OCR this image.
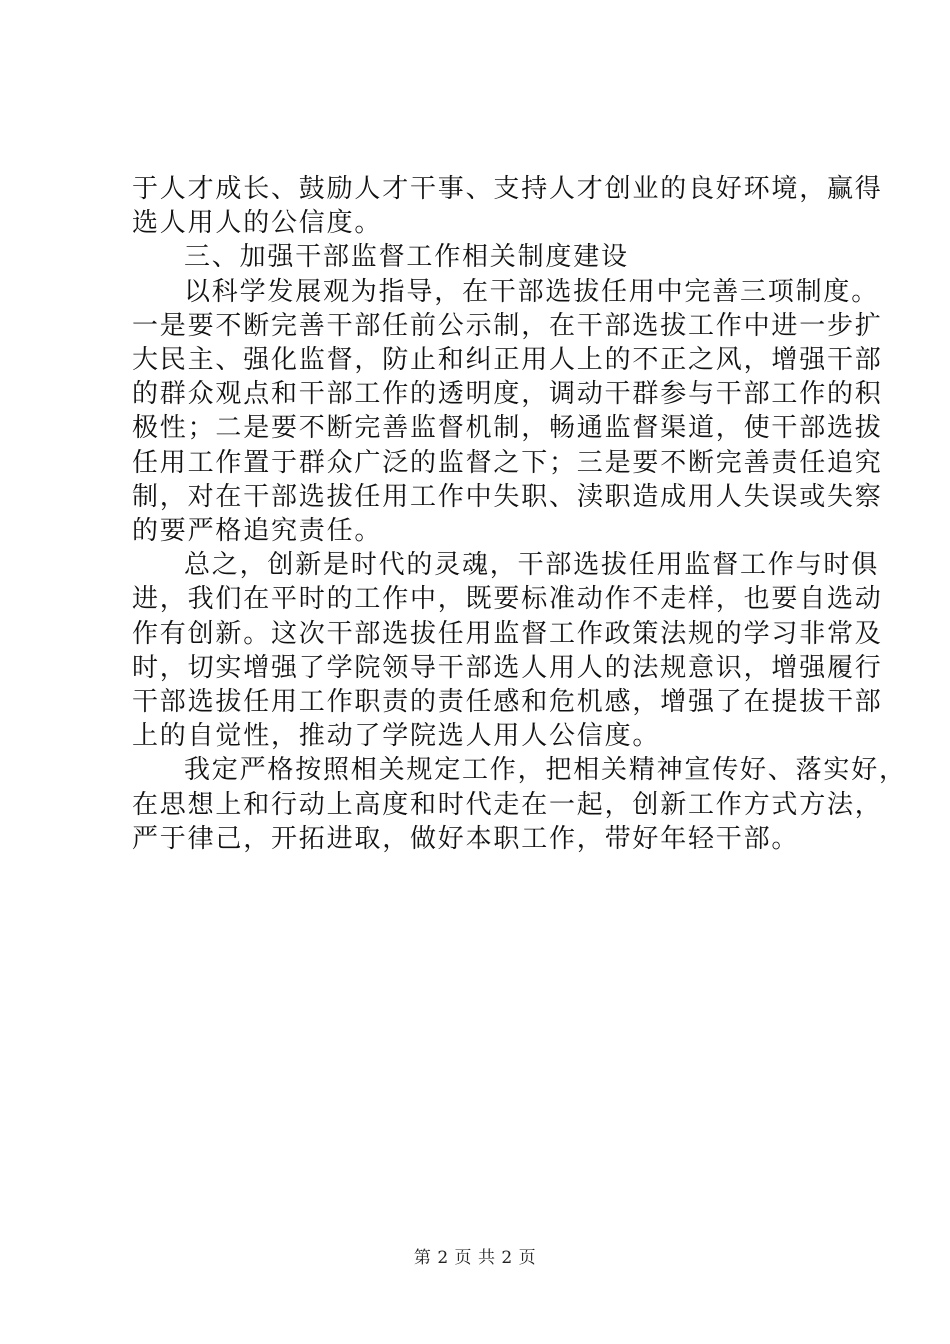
于人才成长、鼓励人才干事、支持人才创业的良好环境，赢得
选人用人的公信度。
三、加强干部监督工作相关制度建设
以科学发展观为指导，在干部选拔任用中完善三项制度。
一是要不断完善干部任前公示制，在干部选拔工作中进一步扩
大民主、强化监督，防止和纠正用人上的不正之风，增强干部
的群众观点和干部工作的透明度，调动干群参与干部工作的积
极性；二是要不断完善监督机制，畅通监督渠道，使干部选拔
任用工作置于群众广泛的监督之下；三是要不断完善责任追究
制，对在干部选拔任用工作中失职、渎职造成用人失误或失察
的要严格追究责任。
总之，创新是时代的灵魂，干部选拔任用监督工作与时俱
进，我们在平时的工作中，既要标准动作不走样，也要自选动
作有创新。这次干部选拔任用监督工作政策法规的学习非常及
时，切实增强了学院领导干部选人用人的法规意识，增强履行
干部选拔任用工作职责的责任感和危机感，增强了在提拔干部
上的自觉性，推动了学院选人用人公信度。
我定严格按照相关规定工作，把相关精神宣传好、落实好，
在思想上和行动上高度和时代走在一起，创新工作方式方法，
严于律己，开拓进取，做好本职工作，带好年轻干部。
第 2 页 共 2 页
